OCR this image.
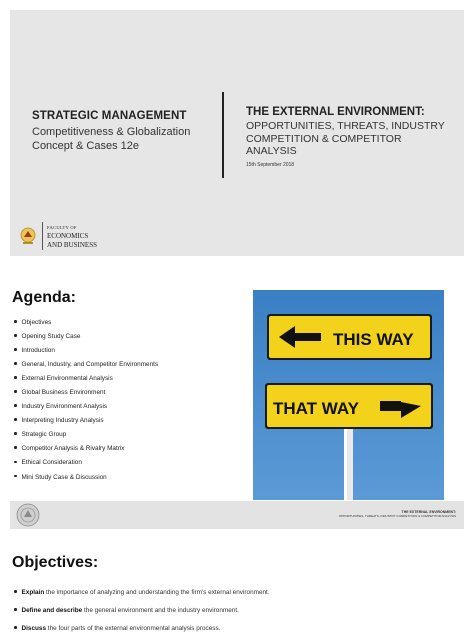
STRATEGIC MANAGEMENT
Competitiveness & Globalization
Concept & Cases 12e
THE EXTERNAL ENVIRONMENT:
OPPORTUNITIES, THREATS, INDUSTRY
COMPETITION & COMPETITOR
ANALYSIS
15th September 2018
FACULTY OF
ECONOMICS
AND BUSINESS
Agenda:
Objectives
Opening Study Case
Introduction
General, Industry, and Competitor Environments
External Environmental Analysis
Global Business Environment
Industry Environment Analysis
Interpreting Industry Analysis
Strategic Group
Competitor Analysis & Rivalry Matrix
Ethical Consideration
Mini Study Case & Discussion
THIS WAY
THAT WAY
THE EXTERNAL ENVIRONMENT:
OPPORTUNITIES, THREATS, INDUSTRY COMPETITION & COMPETITOR ANALYSIS
Objectives:
Explain the importance of analyzing and understanding the firm's external environment.
Define and describe the general environment and the industry environment.
Discuss the four parts of the external environmental analysis process.
